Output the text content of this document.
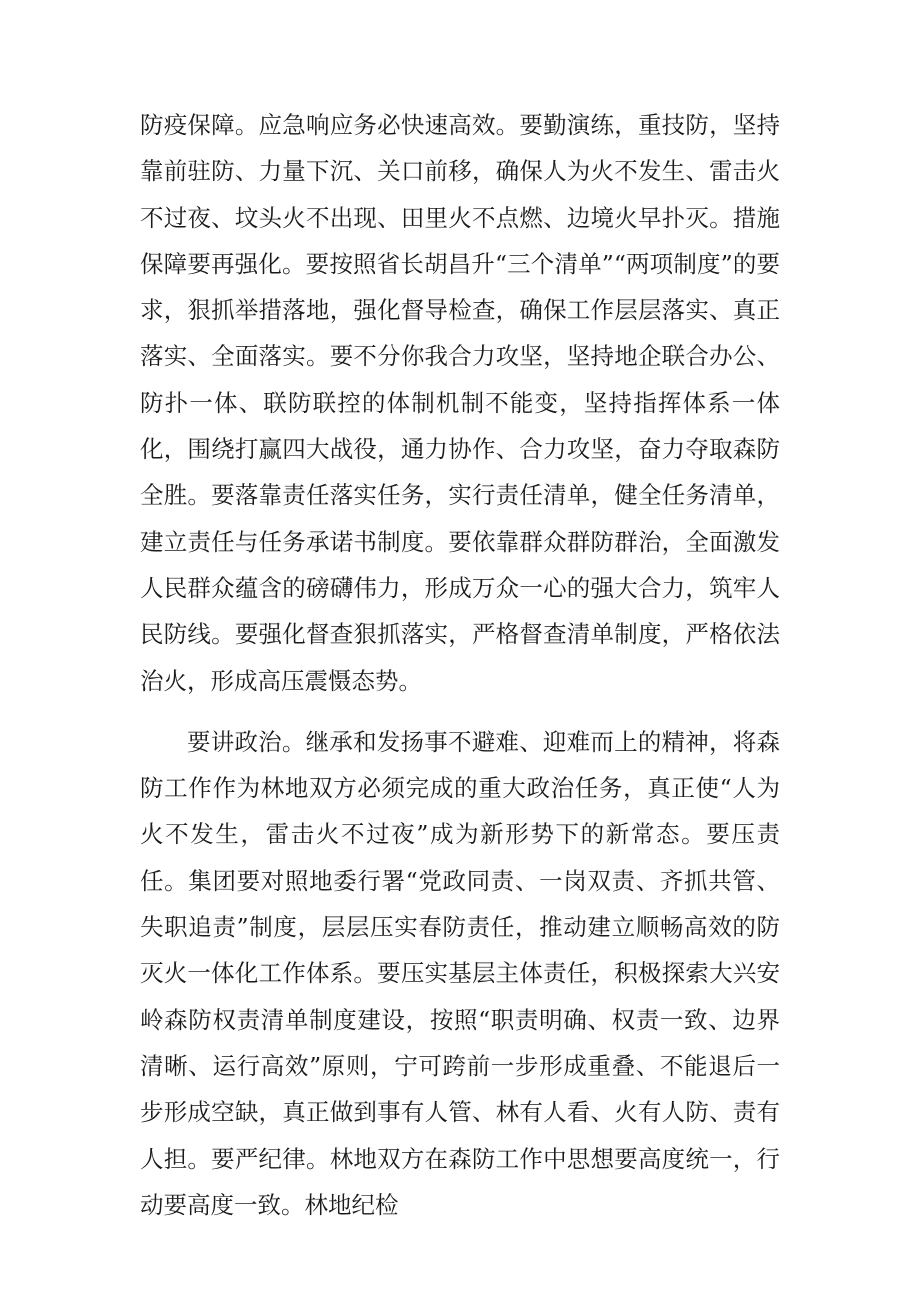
防疫保障。应急响应务必快速高效。要勤演练，重技防，坚持靠前驻防、力量下沉、关口前移，确保人为火不发生、雷击火不过夜、坟头火不出现、田里火不点燃、边境火早扑灭。措施保障要再强化。要按照省长胡昌升“三个清单”“两项制度”的要求，狠抓举措落地，强化督导检查，确保工作层层落实、真正落实、全面落实。要不分你我合力攻坚，坚持地企联合办公、防扑一体、联防联控的体制机制不能变，坚持指挥体系一体化，围绕打赢四大战役，通力协作、合力攻坚，奋力夺取森防全胜。要落靠责任落实任务，实行责任清单，健全任务清单，建立责任与任务承诺书制度。要依靠群众群防群治，全面激发人民群众蕴含的磅礴伟力，形成万众一心的强大合力，筑牢人民防线。要强化督查狠抓落实，严格督查清单制度，严格依法治火，形成高压震慑态势。

要讲政治。继承和发扬事不避难、迎难而上的精神，将森防工作作为林地双方必须完成的重大政治任务，真正使“人为火不发生，雷击火不过夜”成为新形势下的新常态。要压责任。集团要对照地委行署“党政同责、一岗双责、齐抓共管、失职追责”制度，层层压实春防责任，推动建立顺畅高效的防灭火一体化工作体系。要压实基层主体责任，积极探索大兴安岭森防权责清单制度建设，按照“职责明确、权责一致、边界清晰、运行高效”原则，宁可跨前一步形成重叠、不能退后一步形成空缺，真正做到事有人管、林有人看、火有人防、责有人担。要严纪律。林地双方在森防工作中思想要高度统一，行动要高度一致。林地纪检
